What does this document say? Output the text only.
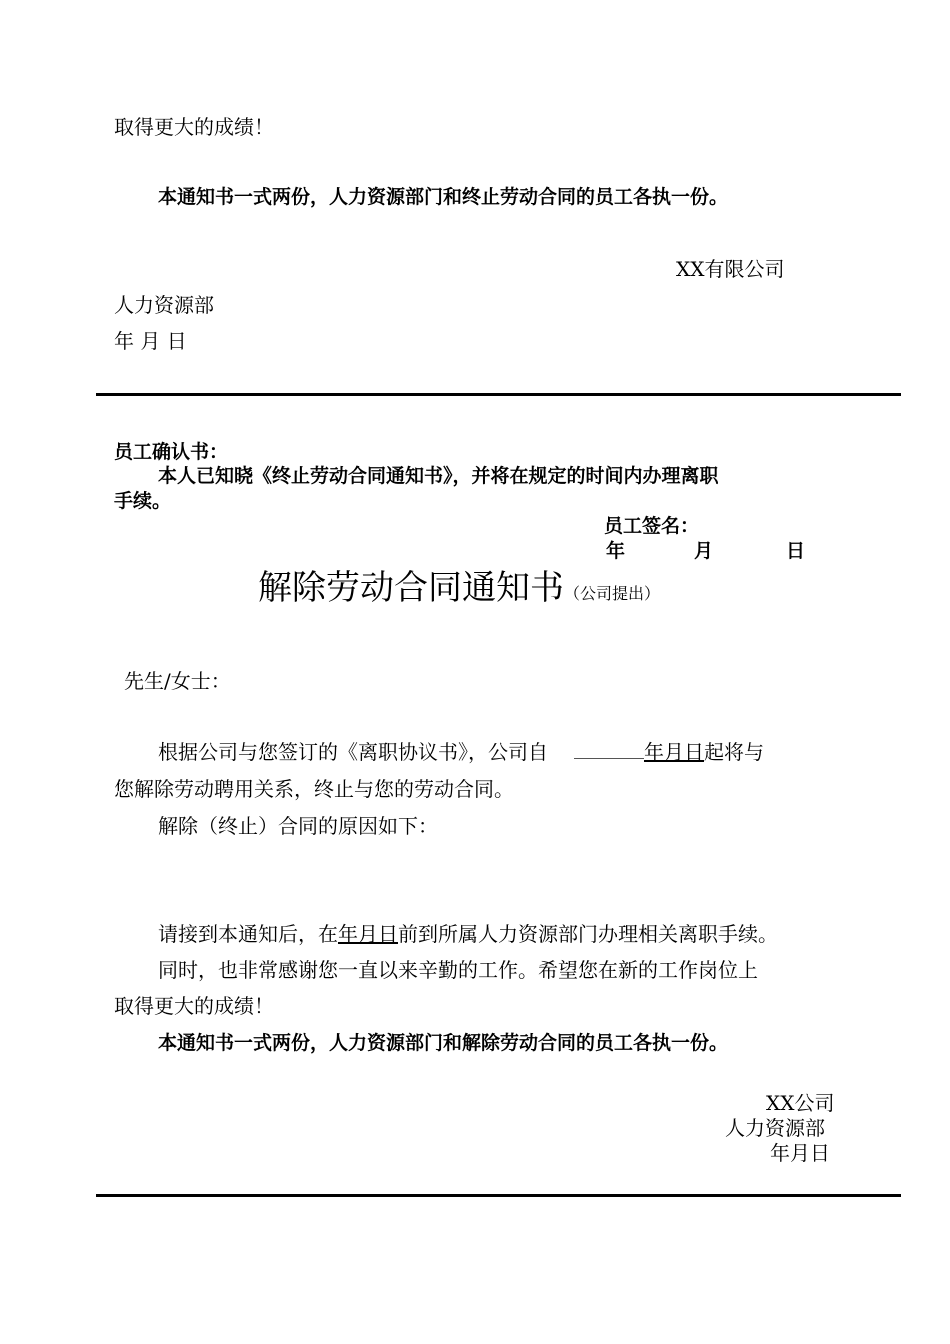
取得更大的成绩！
本通知书一式两份，人力资源部门和终止劳动合同的员工各执一份。
XX有限公司
人力资源部
年 月 日
员工确认书：
本人已知晓《终止劳动合同通知书》，并将在规定的时间内办理离职
手续。
员工签名：
年	月	日
解除劳动合同通知书（公司提出）
先生/女士：
根据公司与您签订的《离职协议书》，公司自	年月日起将与
您解除劳动聘用关系，终止与您的劳动合同。
解除（终止）合同的原因如下：
请接到本通知后，在年月日前到所属人力资源部门办理相关离职手续。
同时，也非常感谢您一直以来辛勤的工作。希望您在新的工作岗位上
取得更大的成绩！
本通知书一式两份，人力资源部门和解除劳动合同的员工各执一份。
XX公司
人力资源部
年月日
